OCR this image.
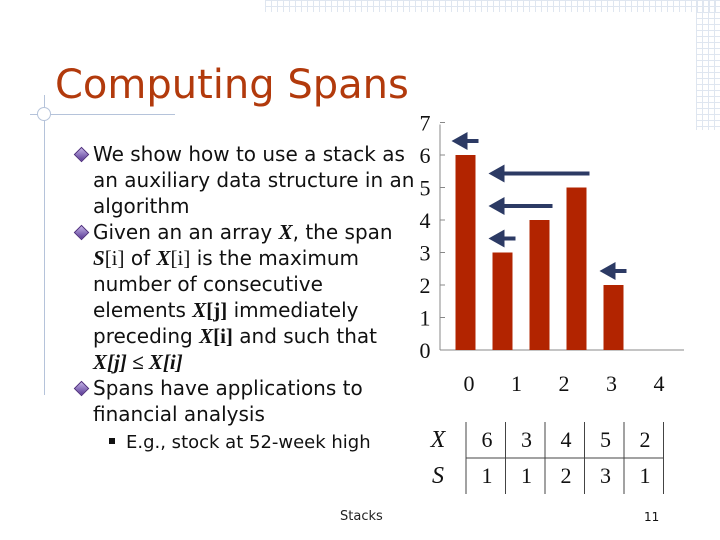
Computing Spans
We show how to use a stack as an auxiliary data structure in an algorithm
Given an an array X, the span S[i] of X[i] is the maximum number of consecutive elements X[j] immediately preceding X[i] and such that
X[j] ≤ X[i]
Spans have applications to financial analysis
E.g., stock at 52-week high
0
1
2
3
4
5
6
7
0 1 2 3 4
X
S
6 3 4 5 2
1 1 2 3 1
Stacks	11
